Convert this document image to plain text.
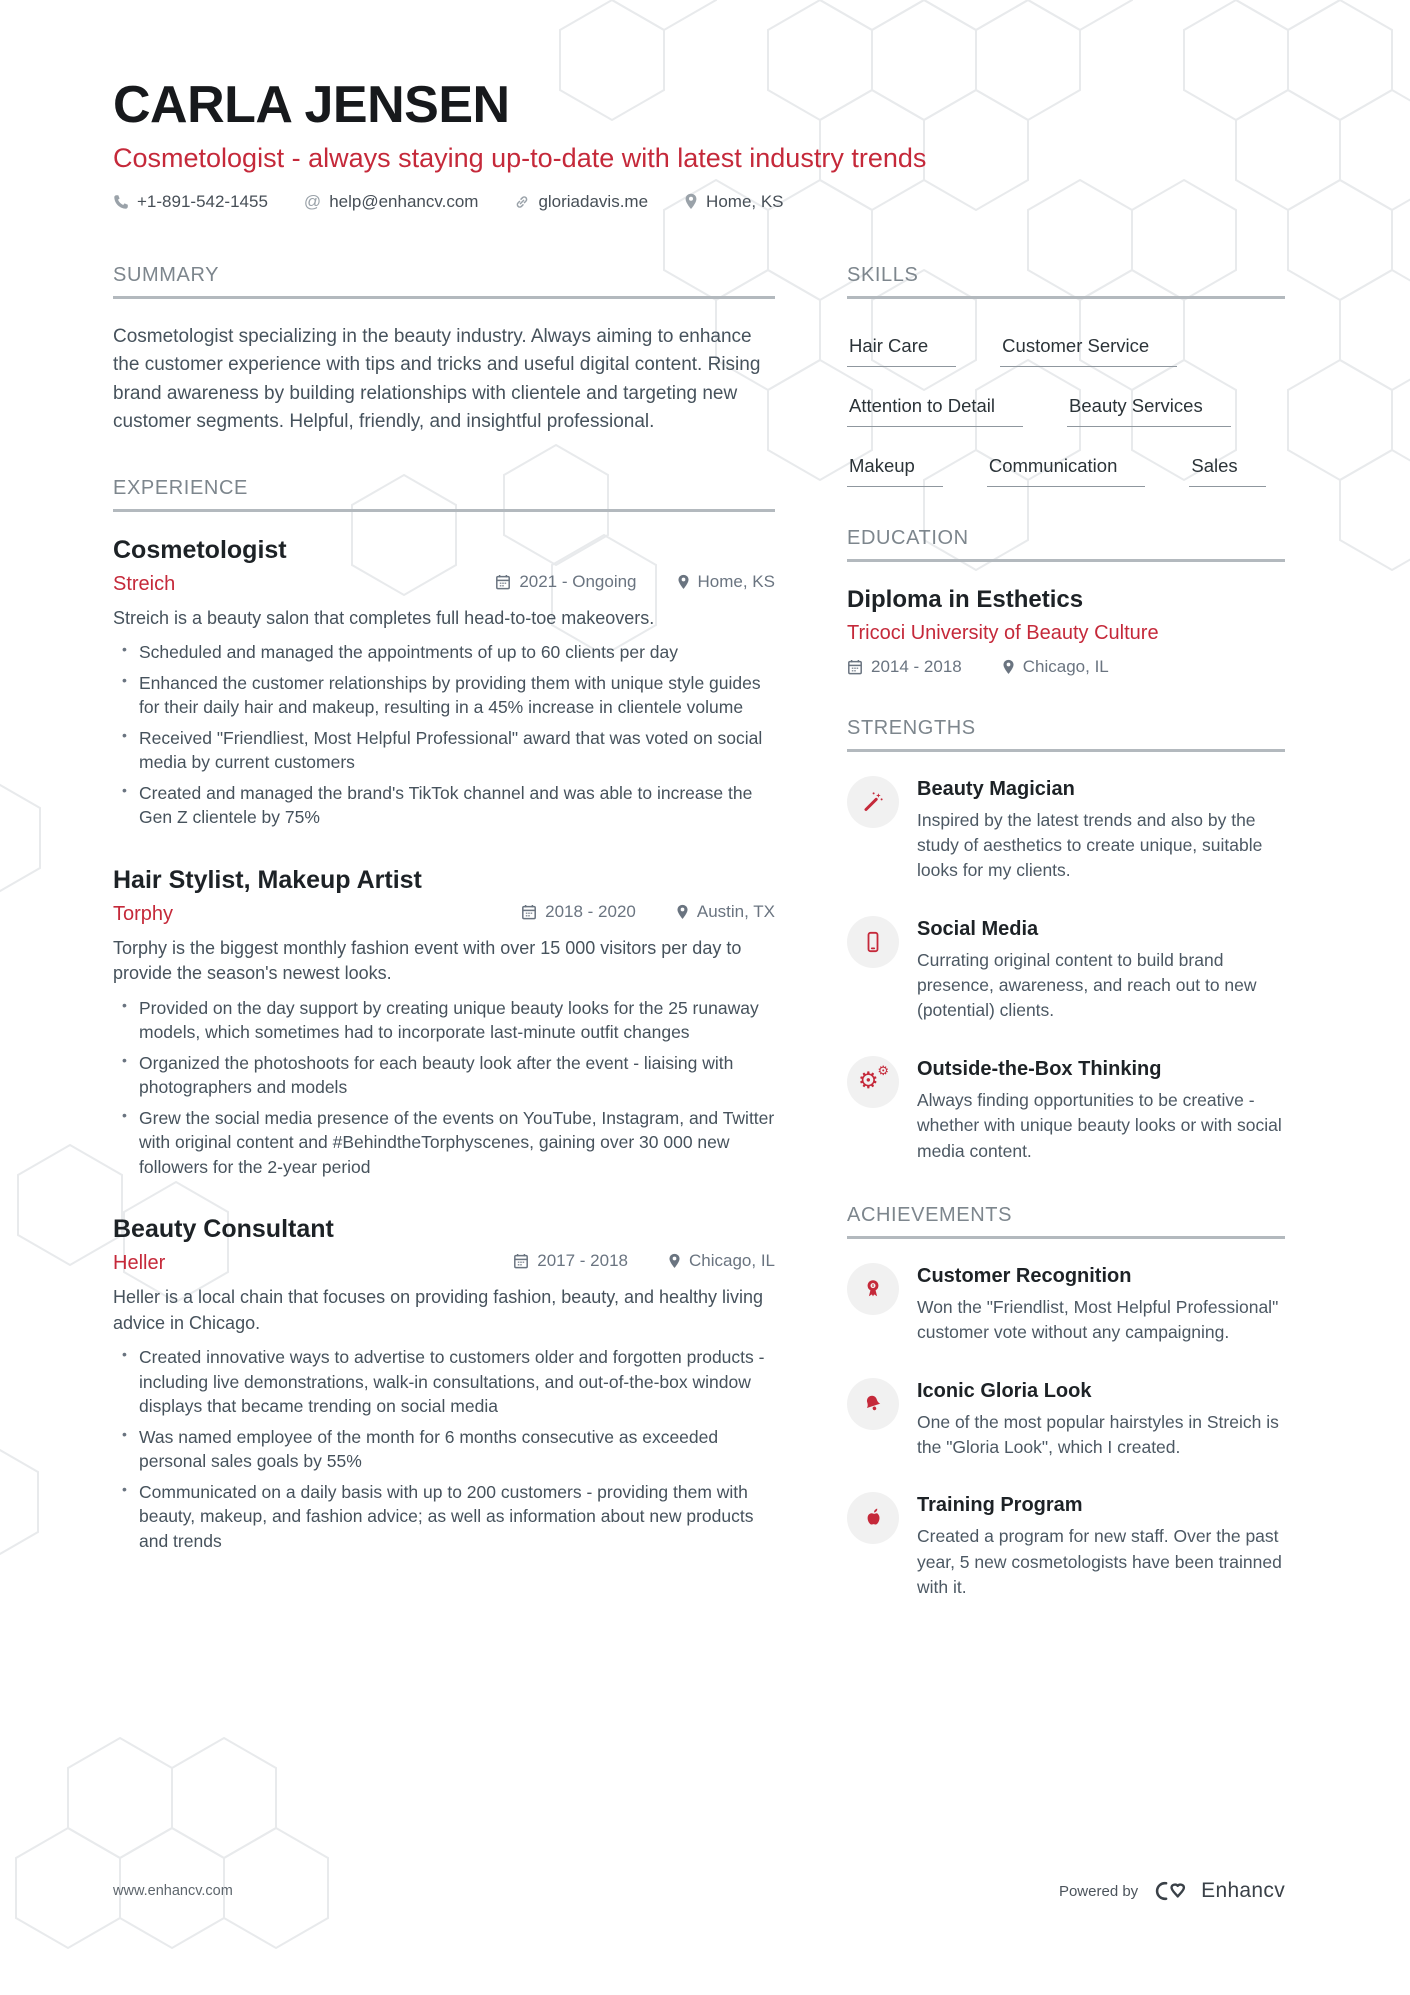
CARLA JENSEN
Cosmetologist - always staying up-to-date with latest industry trends
+1-891-542-1455 @ help@enhancv.com	gloriadavis.me	Home, KS
SUMMARY

Cosmetologist specializing in the beauty industry. Always aiming to enhance the customer experience with tips and tricks and useful digital content. Rising brand awareness by building relationships with clientele and targeting new customer segments. Helpful, friendly, and insightful professional.

EXPERIENCE
Cosmetologist
Streich	2021 - Ongoing	Home, KS
Streich is a beauty salon that completes full head-to-toe makeovers.
• Scheduled and managed the appointments of up to 60 clients per day
• Enhanced the customer relationships by providing them with unique style guides for their daily hair and makeup, resulting in a 45% increase in clientele volume
• Received "Friendliest, Most Helpful Professional" award that was voted on social media by current customers
• Created and managed the brand's TikTok channel and was able to increase the Gen Z clientele by 75%
Hair Stylist, Makeup Artist
Torphy	2018 - 2020	Austin, TX
Torphy is the biggest monthly fashion event with over 15 000 visitors per day to provide the season's newest looks.
• Provided on the day support by creating unique beauty looks for the 25 runaway models, which sometimes had to incorporate last-minute outfit changes
• Organized the photoshoots for each beauty look after the event - liaising with photographers and models
• Grew the social media presence of the events on YouTube, Instagram, and Twitter with original content and #BehindtheTorphyscenes, gaining over 30 000 new followers for the 2-year period
Beauty Consultant
Heller	2017 - 2018	Chicago, IL
Heller is a local chain that focuses on providing fashion, beauty, and healthy living advice in Chicago.
• Created innovative ways to advertise to customers older and forgotten products - including live demonstrations, walk-in consultations, and out-of-the-box window displays that became trending on social media
• Was named employee of the month for 6 months consecutive as exceeded personal sales goals by 55%
• Communicated on a daily basis with up to 200 customers - providing them with beauty, makeup, and fashion advice; as well as information about new products and trends
SKILLS
Hair Care	Customer Service
Attention to Detail	Beauty Services
Makeup	Communication	Sales
EDUCATION
Diploma in Esthetics
Tricoci University of Beauty Culture
2014 - 2018	Chicago, IL
STRENGTHS
Beauty Magician
Inspired by the latest trends and also by the study of aesthetics to create unique, suitable looks for my clients.
Social Media
Currating original content to build brand presence, awareness, and reach out to new (potential) clients.
⚙
⚙ Outside-the-Box Thinking
Always finding opportunities to be creative - whether with unique beauty looks or with social media content.
ACHIEVEMENTS
Customer Recognition
Won the "Friendlist, Most Helpful Professional" customer vote without any campaigning.
Iconic Gloria Look
One of the most popular hairstyles in Streich is the "Gloria Look", which I created.
Training Program
Created a program for new staff. Over the past year, 5 new cosmetologists have been trainned with it.
www.enhancv.com	Powered by	Enhancv
